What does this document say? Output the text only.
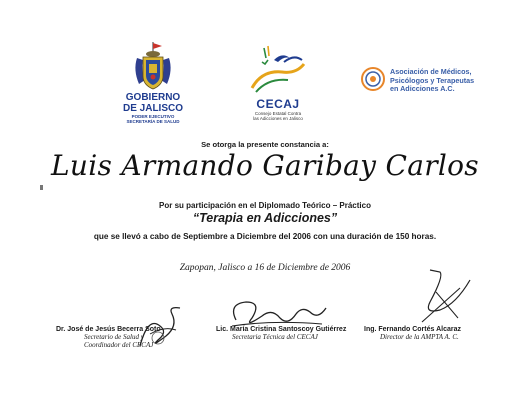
GOBIERNO
DE JALISCO
PODER EJECUTIVO
SECRETARÍA DE SALUD
CECAJ
Consejo Estatal Contra
las Adicciones en Jalisco
Asociación de Médicos,
Psicólogos y Terapeutas
en Adicciones A.C.
Se otorga la presente constancia a:
Luis Armando Garibay Carlos
Por su participación en el Diplomado Teórico – Práctico
“Terapia en Adicciones”
que se llevó a cabo de Septiembre a Diciembre del 2006 con una duración de 150 horas.
Zapopan, Jalisco a 16 de Diciembre de 2006
Dr. José de Jesús Becerra Soto
Secretario de Salud y
Coordinador del CECAJ
Lic. María Cristina Santoscoy Gutiérrez
Secretaria Técnica del CECAJ
Ing. Fernando Cortés Alcaraz
Director de la AMPTA A. C.
